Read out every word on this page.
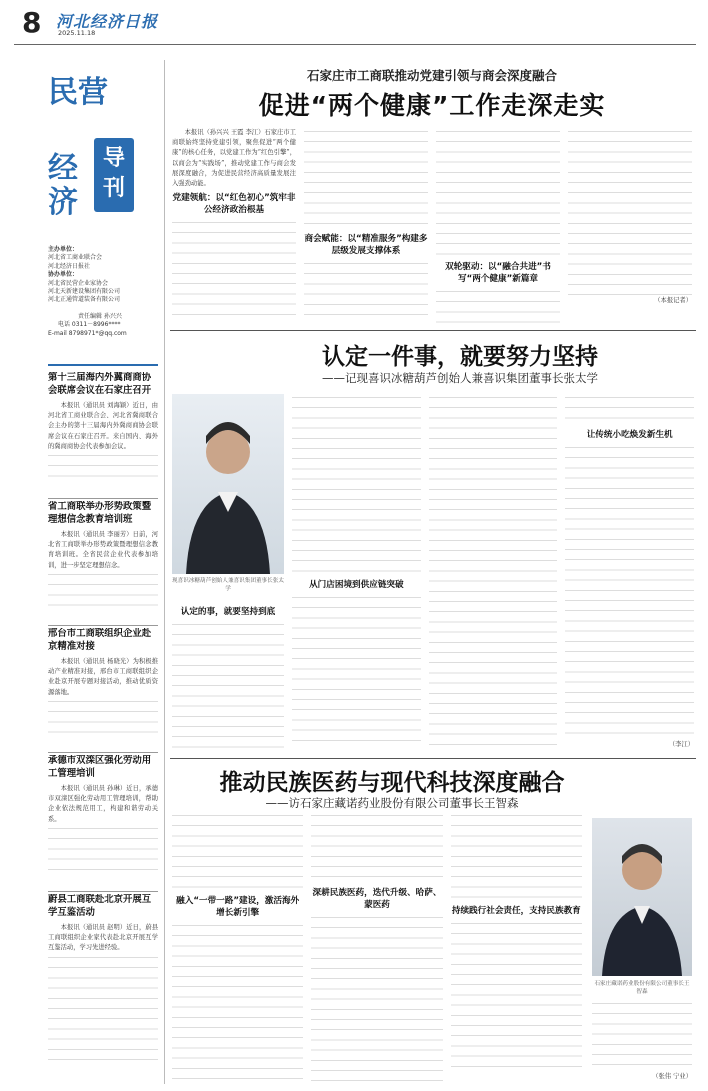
8 河北经济日报
2025.11.18
民营
经济
导刊
主办单位：
河北省工商业联合会
河北经济日报社
协办单位：
河北省民营企业家协会
河北天新建设集团有限公司
河北正通管道装备有限公司
责任编辑 孙兴兴
电话 0311－8996****
E-mail 8798971*@qq.com
第十三届海内外冀商商协会联席会议在石家庄召开

本报讯（通讯员 刘海颖）近日，由河北省工商业联合会、河北省冀商联合会主办的第十三届海内外冀商商协会联席会议在石家庄召开。来自国内、海外的冀商商协会代表参加会议。

省工商联举办形势政策暨理想信念教育培训班

本报讯（通讯员 李丽芳）日前，河北省工商联举办形势政策暨理想信念教育培训班。全省民营企业代表参加培训，进一步坚定理想信念。

邢台市工商联组织企业赴京精准对接

本报讯（通讯员 杨晓光）为积极推动产业精准对接，邢台市工商联组织企业赴京开展专题对接活动，推动优质资源落地。

承德市双滦区强化劳动用工管理培训

本报讯（通讯员 孙琳）近日，承德市双滦区强化劳动用工管理培训，帮助企业依法规范用工，构建和谐劳动关系。

蔚县工商联赴北京开展互学互鉴活动

本报讯（通讯员 赵明）近日，蔚县工商联组织企业家代表赴北京开展互学互鉴活动，学习先进经验。

石家庄市工商联推动党建引领与商会深度融合
促进“两个健康”工作走深走实

本报讯（孙兴兴 王霞 李江）石家庄市工商联始终坚持党建引领，聚焦促进“两个健康”的核心任务，以党建工作为“红色引擎”，以商会为“实践场”，推动党建工作与商会发展深度融合，为促进民营经济高质量发展注入强劲动能。

党建领航：以“红色初心”筑牢非公经济政治根基
商会赋能：以“精准服务”构建多层级发展支撑体系
双轮驱动：以“融合共进”书写“两个健康”新篇章
（本报记者）
认定一件事，就要努力坚持
——记现喜识冰糖葫芦创始人兼喜识集团董事长张太学
现喜识冰糖葫芦创始人兼喜识集团董事长张太学
认定的事，就要坚持到底
从门店困境到供应链突破
让传统小吃焕发新生机
（李江）
推动民族医药与现代科技深度融合
——访石家庄藏诺药业股份有限公司董事长王智森
融入“一带一路”建设，激活海外增长新引擎
深耕民族医药，迭代升级、哈萨、蒙医药
持续践行社会责任，支持民族教育
石家庄藏诺药业股份有限公司董事长王智森
（张伟 宁业）
